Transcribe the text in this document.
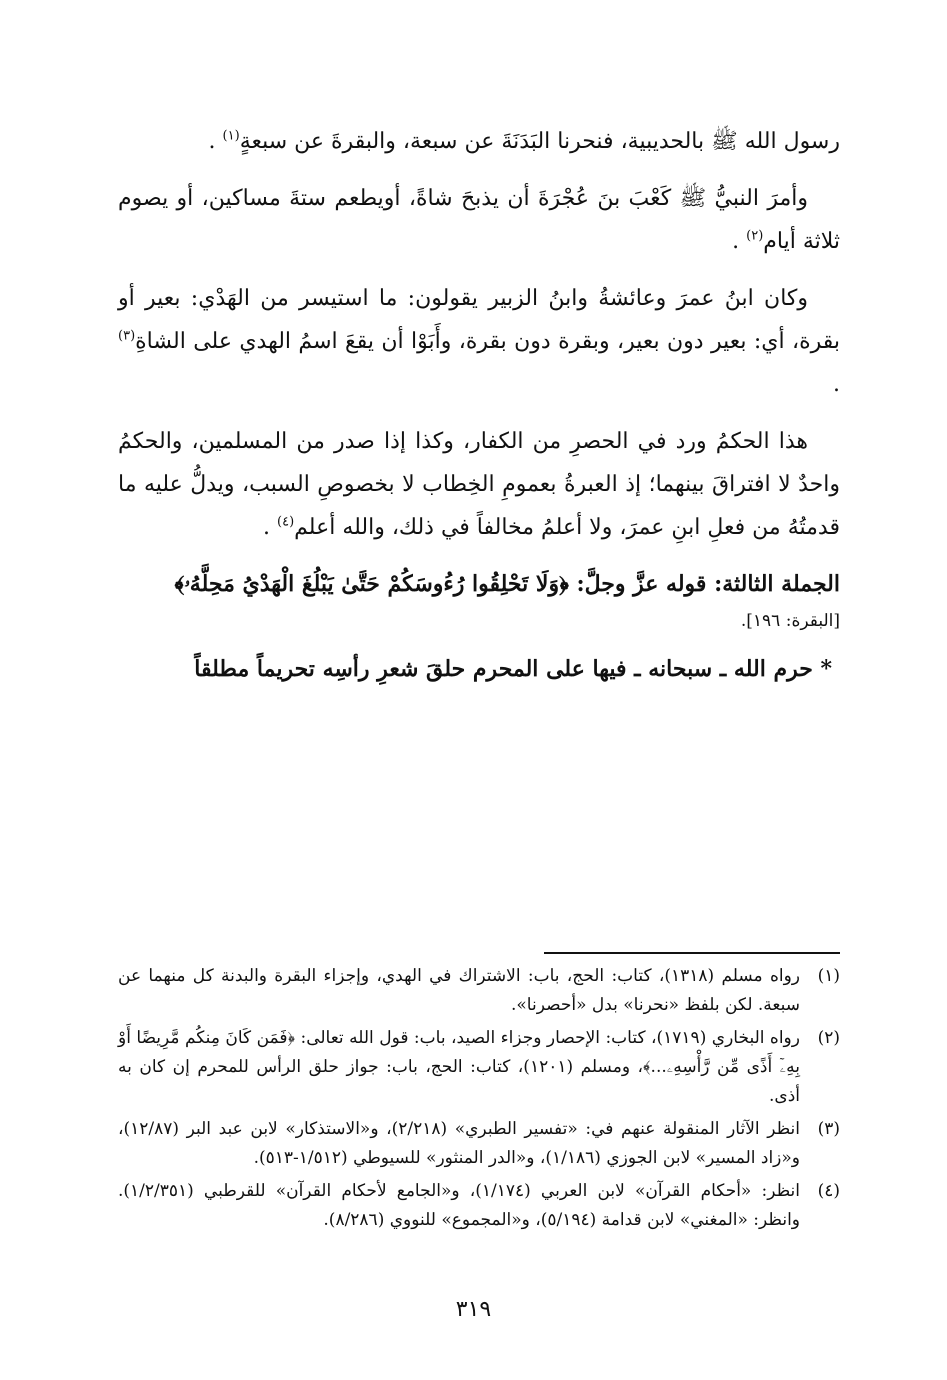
رسول الله ﷺ بالحديبية، فنحرنا البَدَنَةَ عن سبعة، والبقرةَ عن سبعةٍ$^{(١)}$ .

وأمرَ النبيُّ ﷺ كَعْبَ بنَ عُجْرَةَ أن يذبحَ شاةً، أويطعم ستةَ مساكين، أو يصوم ثلاثة أيام$^{(٢)}$ .

وكان ابنُ عمرَ وعائشةُ وابنُ الزبير يقولون: ما استيسر من الهَدْي: بعير أو بقرة، أي: بعير دون بعير، وبقرة دون بقرة، وأَبَوْا أن يقعَ اسمُ الهدي على الشاةِ$^{(٣)}$ .

هذا الحكمُ ورد في الحصرِ من الكفار، وكذا إذا صدر من المسلمين، والحكمُ واحدٌ لا افتراقَ بينهما؛ إذ العبرةُ بعمومِ الخِطاب لا بخصوصِ السبب، ويدلُّ عليه ما قدمتُهُ من فعلِ ابنِ عمرَ، ولا أعلمُ مخالفاً في ذلك، والله أعلم$^{(٤)}$ .

الجملة الثالثة: قوله عزَّ وجلَّ: ﴿وَلَا تَحْلِقُوا رُءُوسَكُمْ حَتَّىٰ يَبْلُغَ الْهَدْيُ مَحِلَّهُۥ﴾

[البقرة: ١٩٦].

* حرم الله ـ سبحانه ـ فيها على المحرم حلقَ شعرِ رأسِه تحريماً مطلقاً

(١)
رواه مسلم (١٣١٨)، كتاب: الحج، باب: الاشتراك في الهدي، وإجزاء البقرة والبدنة كل منهما عن سبعة. لكن بلفظ «نحرنا» بدل «أحصرنا».
(٢)
رواه البخاري (١٧١٩)، كتاب: الإحصار وجزاء الصيد، باب: قول الله تعالى: ﴿فَمَن كَانَ مِنكُم مَّرِيضًا أَوْ بِهِۦٓ أَذًى مِّن رَّأْسِهِۦ...﴾، ومسلم (١٢٠١)، كتاب: الحج، باب: جواز حلق الرأس للمحرم إن كان به أذى.
(٣)
انظر الآثار المنقولة عنهم في: «تفسير الطبري» (٢/٢١٨)، و«الاستذكار» لابن عبد البر (١٢/٨٧)، و«زاد المسير» لابن الجوزي (١/١٨٦)، و«الدر المنثور» للسيوطي (١/٥١٢-٥١٣).
(٤)
انظر: «أحكام القرآن» لابن العربي (١/١٧٤)، و«الجامع لأحكام القرآن» للقرطبي (١/٢/٣٥١). وانظر: «المغني» لابن قدامة (٥/١٩٤)، و«المجموع» للنووي (٨/٢٨٦).
٣١٩
